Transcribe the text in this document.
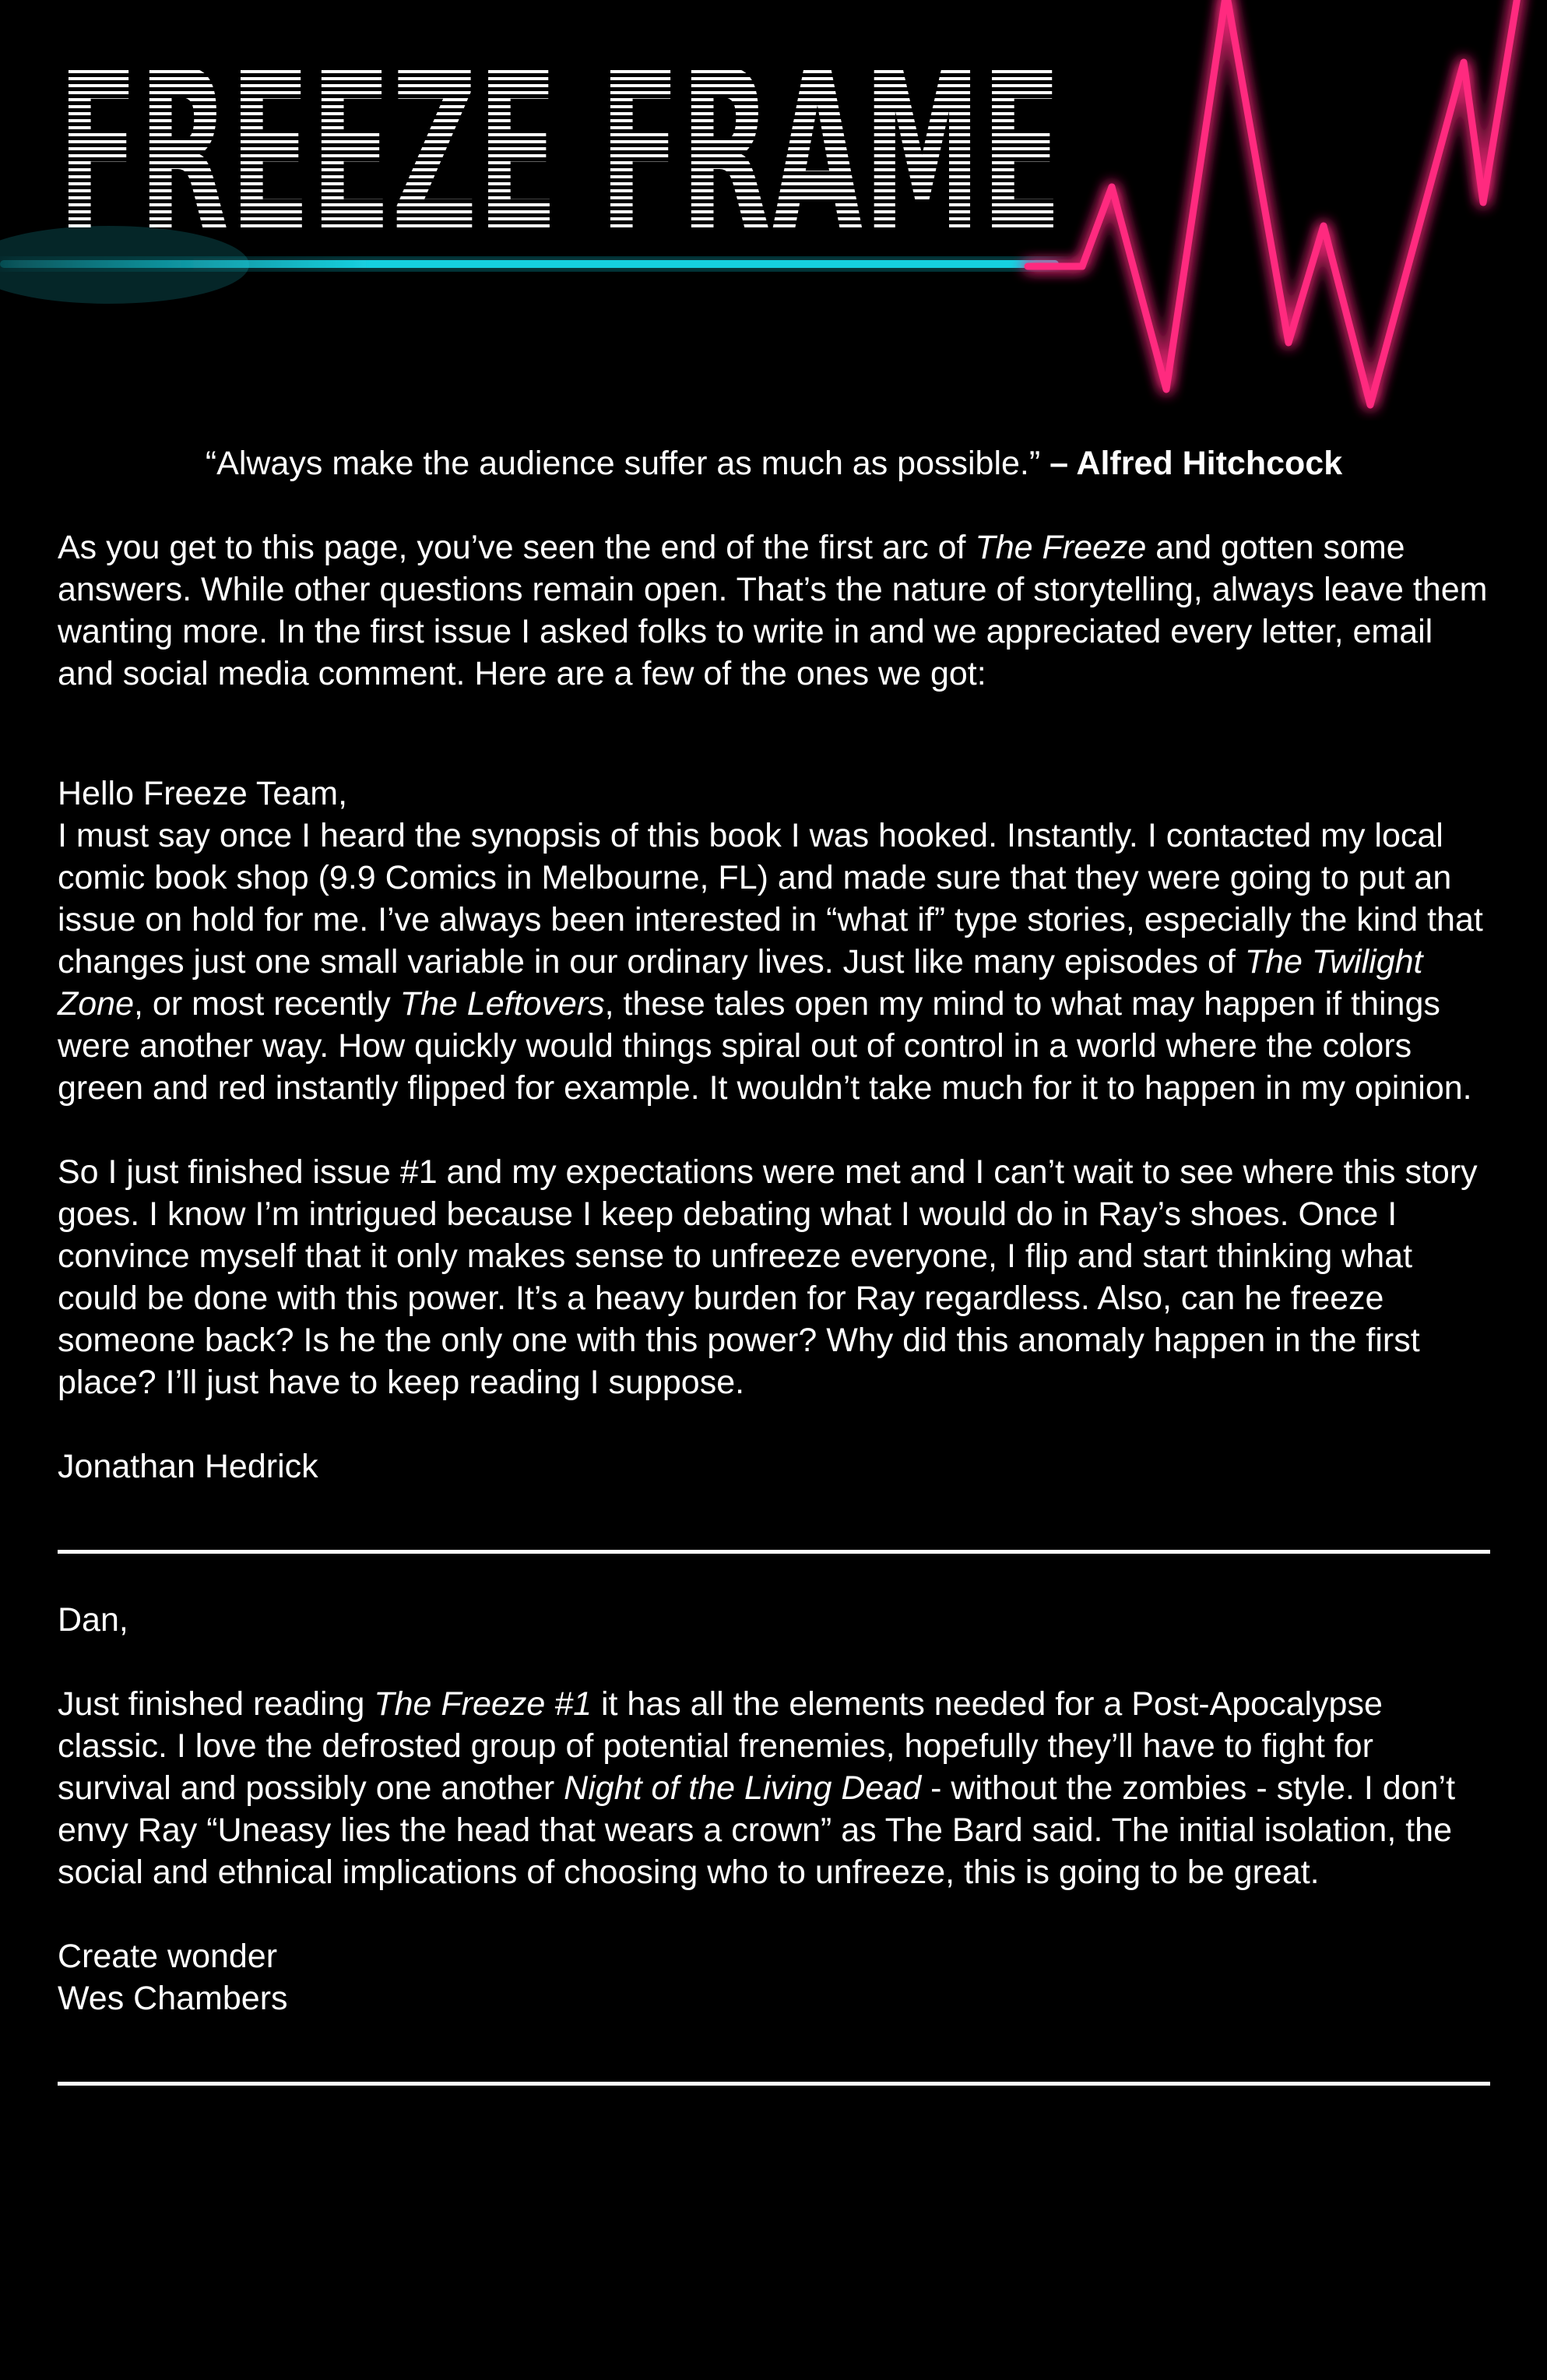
FREEZE FRAME

“Always make the audience suffer as much as possible.” – Alfred Hitchcock

As you get to this page, you’ve seen the end of the first arc of The Freeze and gotten some answers. While other questions remain open. That’s the nature of storytelling, always leave them wanting more. In the first issue I asked folks to write in and we appreciated every letter, email and social media comment. Here are a few of the ones we got:

Hello Freeze Team,

I must say once I heard the synopsis of this book I was hooked. Instantly. I contacted my local comic book shop (9.9 Comics in Melbourne, FL) and made sure that they were going to put an issue on hold for me. I’ve always been interested in “what if” type stories, especially the kind that changes just one small variable in our ordinary lives. Just like many episodes of The Twilight Zone, or most recently The Leftovers, these tales open my mind to what may happen if things were another way. How quickly would things spiral out of control in a world where the colors green and red instantly flipped for example. It wouldn’t take much for it to happen in my opinion.

So I just finished issue #1 and my expectations were met and I can’t wait to see where this story goes. I know I’m intrigued because I keep debating what I would do in Ray’s shoes. Once I convince myself that it only makes sense to unfreeze everyone, I flip and start thinking what could be done with this power. It’s a heavy burden for Ray regardless. Also, can he freeze someone back? Is he the only one with this power? Why did this anomaly happen in the first place? I’ll just have to keep reading I suppose.

Jonathan Hedrick

Dan,

Just finished reading The Freeze #1 it has all the elements needed for a Post-Apocalypse classic. I love the defrosted group of potential frenemies, hopefully they’ll have to fight for survival and possibly one another Night of the Living Dead - without the zombies - style. I don’t envy Ray “Uneasy lies the head that wears a crown” as The Bard said. The initial isolation, the social and ethnical implications of choosing who to unfreeze, this is going to be great.

Create wonder

Wes Chambers
